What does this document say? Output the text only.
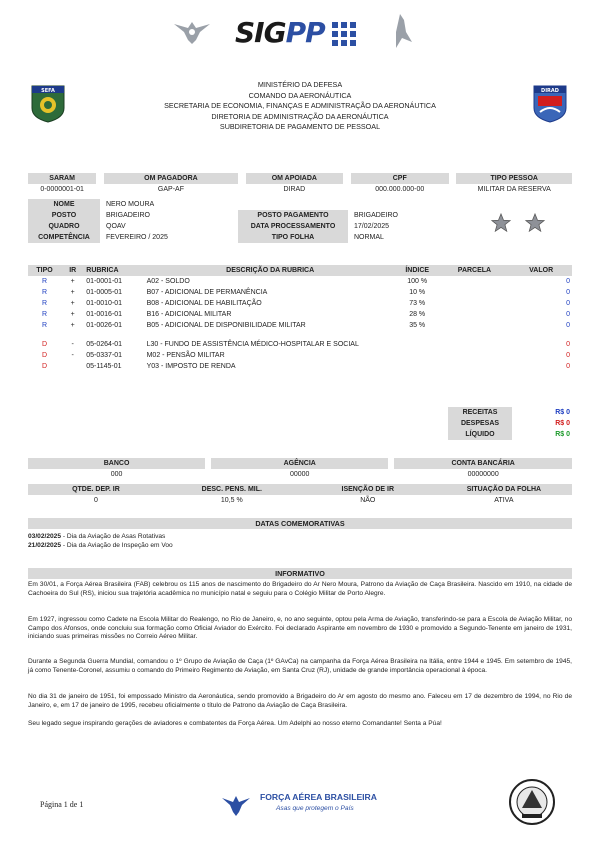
SIGPP
SEFA	DIRAD
MINISTÉRIO DA DEFESA
COMANDO DA AERONÁUTICA
SECRETARIA DE ECONOMIA, FINANÇAS E ADMINISTRAÇÃO DA AERONÁUTICA
DIRETORIA DE ADMINISTRAÇÃO DA AERONÁUTICA
SUBDIRETORIA DE PAGAMENTO DE PESSOAL
SARAM		OM PAGADORA		OM APOIADA		CPF		TIPO PESSOA
0-0000001-01		GAP-AF		DIRAD		000.000.000-00		MILITAR DA RESERVA
NOME	NERO MOURA		
POSTO	BRIGADEIRO	POSTO PAGAMENTO	BRIGADEIRO
QUADRO	QOAV	DATA PROCESSAMENTO	17/02/2025
COMPETÊNCIA	FEVEREIRO / 2025	TIPO FOLHA	NORMAL

TIPO	IR	RUBRICA	DESCRIÇÃO DA RUBRICA	ÍNDICE	PARCELA	VALOR
R	+	01-0001-01	A02 - SOLDO	100 %		0
R	+	01-0005-01	B07 - ADICIONAL DE PERMANÊNCIA	10 %		0
R	+	01-0010-01	B08 - ADICIONAL DE HABILITAÇÃO	73 %		0
R	+	01-0016-01	B16 - ADICIONAL MILITAR	28 %		0
R	+	01-0026-01	B05 - ADICIONAL DE DISPONIBILIDADE MILITAR	35 %		0

D	-	05-0264-01	L30 - FUNDO DE ASSISTÊNCIA MÉDICO-HOSPITALAR E SOCIAL			0
D	-	05-0337-01	M02 - PENSÃO MILITAR			0
D		05-1145-01	Y03 - IMPOSTO DE RENDA			0
RECEITAS	R$ 0
DESPESAS	R$ 0
LÍQUIDO	R$ 0
BANCO		AGÊNCIA		CONTA BANCÁRIA
000		00000		00000000
QTDE. DEP. IR	DESC. PENS. MIL.	ISENÇÃO DE IR	SITUAÇÃO DA FOLHA
0	10,5 %	NÃO	ATIVA
DATAS COMEMORATIVAS
03/02/2025 - Dia da Aviação de Asas Rotativas
21/02/2025 - Dia da Aviação de Inspeção em Voo
INFORMATIVO
Em 30/01, a Força Aérea Brasileira (FAB) celebrou os 115 anos de nascimento do Brigadeiro do Ar Nero Moura, Patrono da Aviação de Caça Brasileira. Nascido em 1910, na cidade de Cachoeira do Sul (RS), iniciou sua trajetória acadêmica no município natal e seguiu para o Colégio Militar de Porto Alegre.
Em 1927, ingressou como Cadete na Escola Militar do Realengo, no Rio de Janeiro, e, no ano seguinte, optou pela Arma de Aviação, transferindo-se para a Escola de Aviação Militar, no Campo dos Afonsos, onde concluiu sua formação como Oficial Aviador do Exército. Foi declarado Aspirante em novembro de 1930 e promovido a Segundo-Tenente em janeiro de 1931, iniciando suas primeiras missões no Correio Aéreo Militar.
Durante a Segunda Guerra Mundial, comandou o 1º Grupo de Aviação de Caça (1º GAvCa) na campanha da Força Aérea Brasileira na Itália, entre 1944 e 1945. Em setembro de 1945, já como Tenente-Coronel, assumiu o comando do Primeiro Regimento de Aviação, em Santa Cruz (RJ), unidade de grande importância operacional à época.
No dia 31 de janeiro de 1951, foi empossado Ministro da Aeronáutica, sendo promovido a Brigadeiro do Ar em agosto do mesmo ano. Faleceu em 17 de dezembro de 1994, no Rio de Janeiro, e, em 17 de janeiro de 1995, recebeu oficialmente o título de Patrono da Aviação de Caça Brasileira.
Seu legado segue inspirando gerações de aviadores e combatentes da Força Aérea. Um Adelphi ao nosso eterno Comandante! Senta a Púa!
Página 1 de 1
FORÇA AÉREA BRASILEIRA
Asas que protegem o País
